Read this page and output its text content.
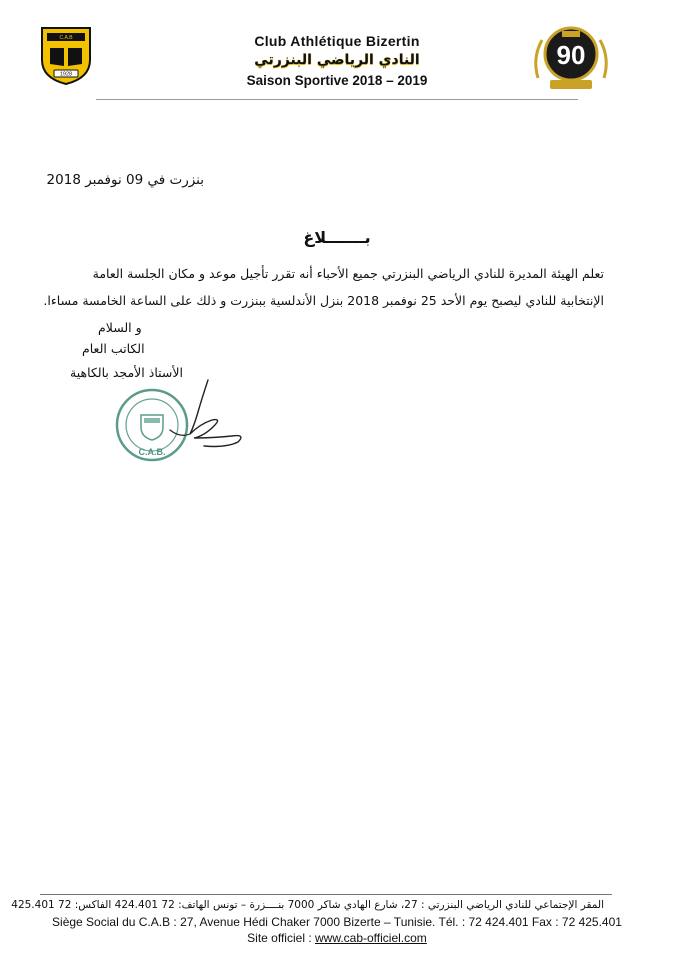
C.A.B
1928
Club Athlétique Bizertin
النادي الرياضي البنزرتي
Saison Sportive 2018 – 2019
90
بنزرت في 09 نوفمبر 2018
بـــــــلاغ
تعلم الهيئة المديرة للنادي الرياضي البنزرتي جميع الأحباء أنه تقرر تأجيل موعد و مكان الجلسة العامة
الإنتخابية للنادي ليصبح يوم الأحد 25 نوفمبر 2018 بنزل الأندلسية ببنزرت و ذلك على الساعة الخامسة مساءا.
و السلام
الكاتب العام
الأستاذ الأمجد بالكاهية
C.A.B.
المقر الإجتماعي للنادي الرياضي البنزرتي : 27، شارع الهادي شاكر 7000 بنــــزرة – تونس الهاتف: 72 424.401 الفاكس: 72 425.401
Siège Social du C.A.B : 27, Avenue Hédi Chaker 7000 Bizerte – Tunisie. Tél. : 72 424.401 Fax : 72 425.401
Site officiel : www.cab-officiel.com
